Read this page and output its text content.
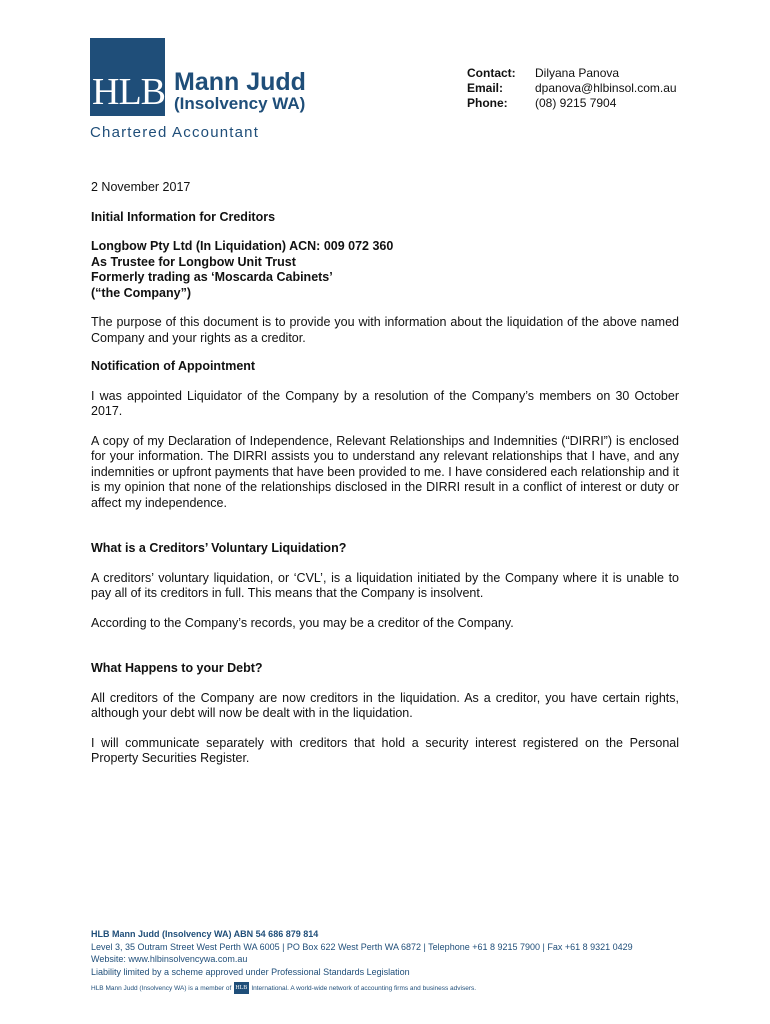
HLB Mann Judd
(Insolvency WA)
Chartered Accountant
Contact:	Dilyana Panova
Email:	dpanova@hlbinsol.com.au
Phone:	(08) 9215 7904

2 November 2017

Initial Information for Creditors

Longbow Pty Ltd (In Liquidation) ACN: 009 072 360

As Trustee for Longbow Unit Trust

Formerly trading as ‘Moscarda Cabinets’

(“the Company”)

The purpose of this document is to provide you with information about the liquidation of the above named Company and your rights as a creditor.

Notification of Appointment

I was appointed Liquidator of the Company by a resolution of the Company’s members on 30 October 2017.

A copy of my Declaration of Independence, Relevant Relationships and Indemnities (“DIRRI”) is enclosed for your information. The DIRRI assists you to understand any relevant relationships that I have, and any indemnities or upfront payments that have been provided to me. I have considered each relationship and it is my opinion that none of the relationships disclosed in the DIRRI result in a conflict of interest or duty or affect my independence.

What is a Creditors’ Voluntary Liquidation?

A creditors’ voluntary liquidation, or ‘CVL’, is a liquidation initiated by the Company where it is unable to pay all of its creditors in full. This means that the Company is insolvent.

According to the Company’s records, you may be a creditor of the Company.

What Happens to your Debt?

All creditors of the Company are now creditors in the liquidation. As a creditor, you have certain rights, although your debt will now be dealt with in the liquidation.

I will communicate separately with creditors that hold a security interest registered on the Personal Property Securities Register.

HLB Mann Judd (Insolvency WA) ABN 54 686 879 814
Level 3, 35 Outram Street West Perth WA 6005 | PO Box 622 West Perth WA 6872 | Telephone +61 8 9215 7900 | Fax +61 8 9321 0429
Website: www.hlbinsolvencywa.com.au
Liability limited by a scheme approved under Professional Standards Legislation
HLB Mann Judd (Insolvency WA) is a member of HLB International. A world-wide network of accounting firms and business advisers.
